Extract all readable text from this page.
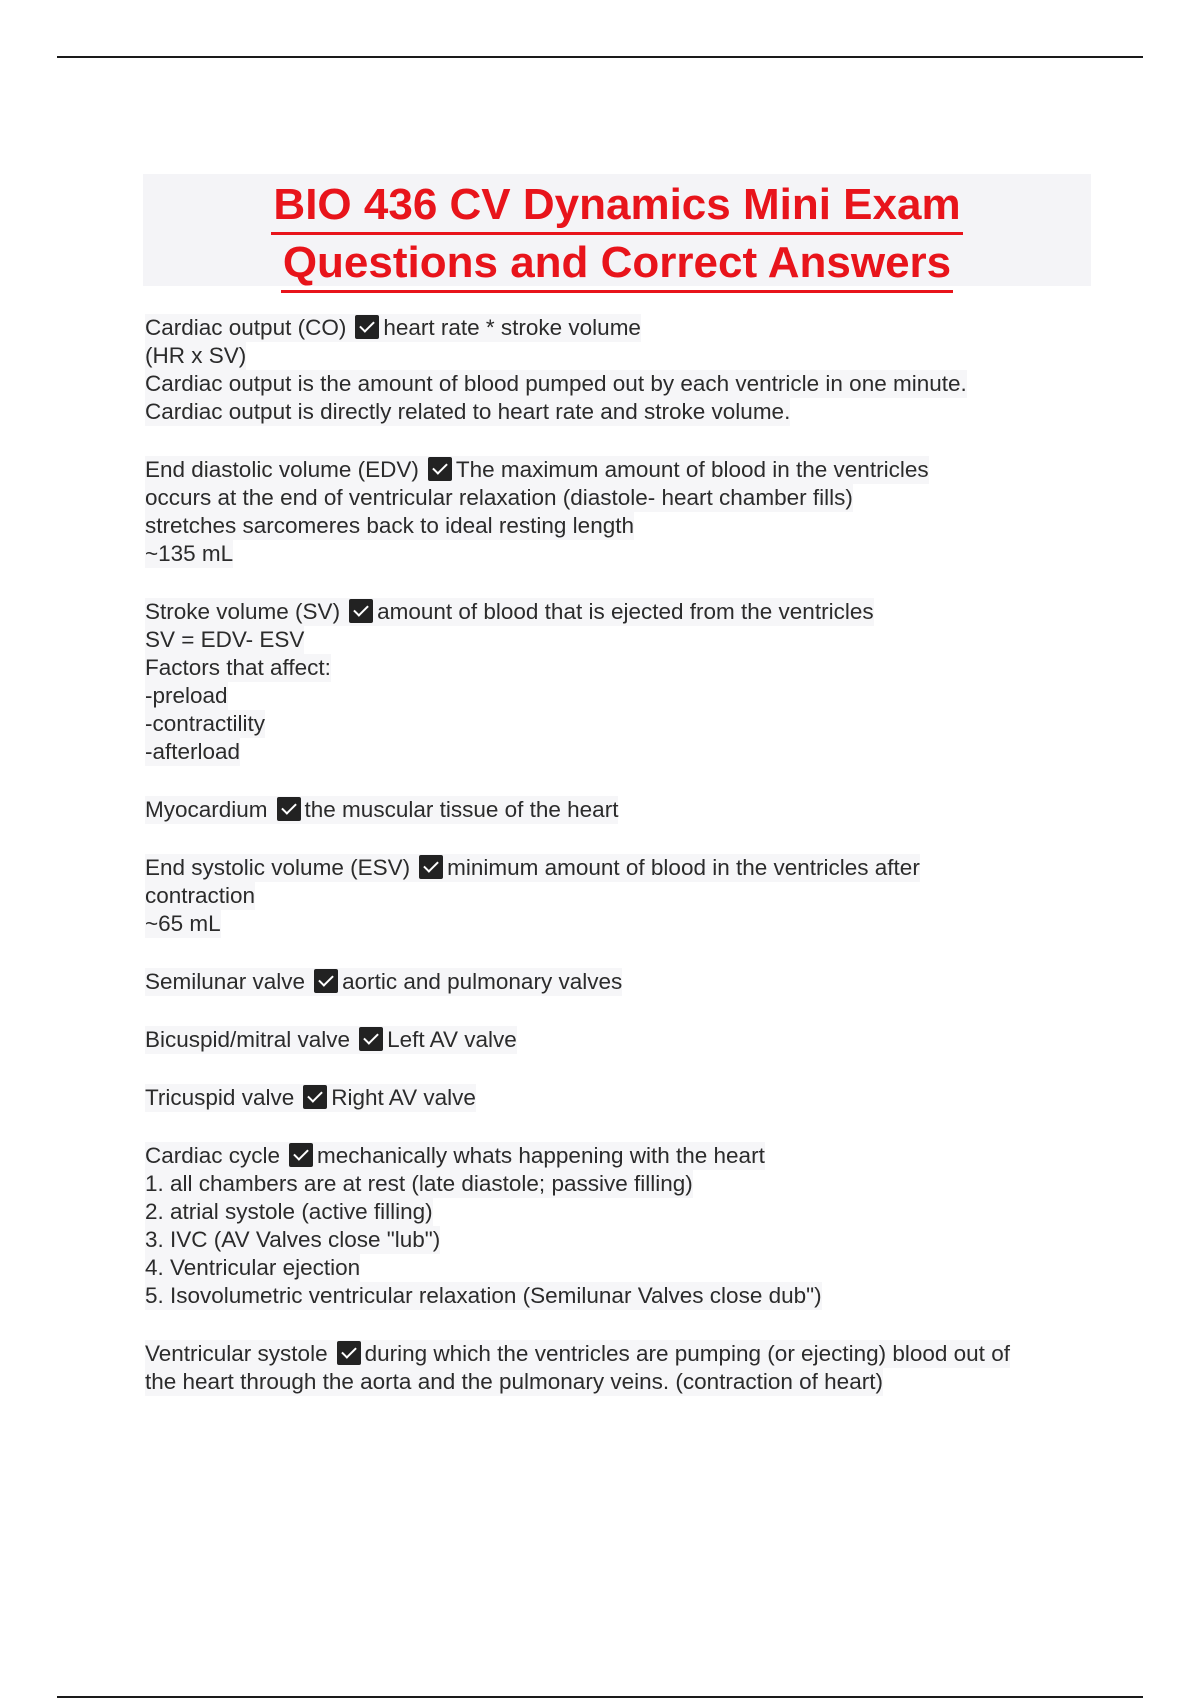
BIO 436 CV Dynamics Mini Exam
Questions and Correct Answers
Cardiac output (CO) heart rate * stroke volume
(HR x SV)
Cardiac output is the amount of blood pumped out by each ventricle in one minute.
Cardiac output is directly related to heart rate and stroke volume.
End diastolic volume (EDV) The maximum amount of blood in the ventricles
occurs at the end of ventricular relaxation (diastole- heart chamber fills)
stretches sarcomeres back to ideal resting length
~135 mL
Stroke volume (SV) amount of blood that is ejected from the ventricles
SV = EDV- ESV
Factors that affect:
-preload
-contractility
-afterload
Myocardium the muscular tissue of the heart
End systolic volume (ESV) minimum amount of blood in the ventricles after
contraction
~65 mL
Semilunar valve aortic and pulmonary valves
Bicuspid/mitral valve Left AV valve
Tricuspid valve Right AV valve
Cardiac cycle mechanically whats happening with the heart
1. all chambers are at rest (late diastole; passive filling)
2. atrial systole (active filling)
3. IVC (AV Valves close "lub")
4. Ventricular ejection
5. Isovolumetric ventricular relaxation (Semilunar Valves close dub")
Ventricular systole during which the ventricles are pumping (or ejecting) blood out of
the heart through the aorta and the pulmonary veins. (contraction of heart)
